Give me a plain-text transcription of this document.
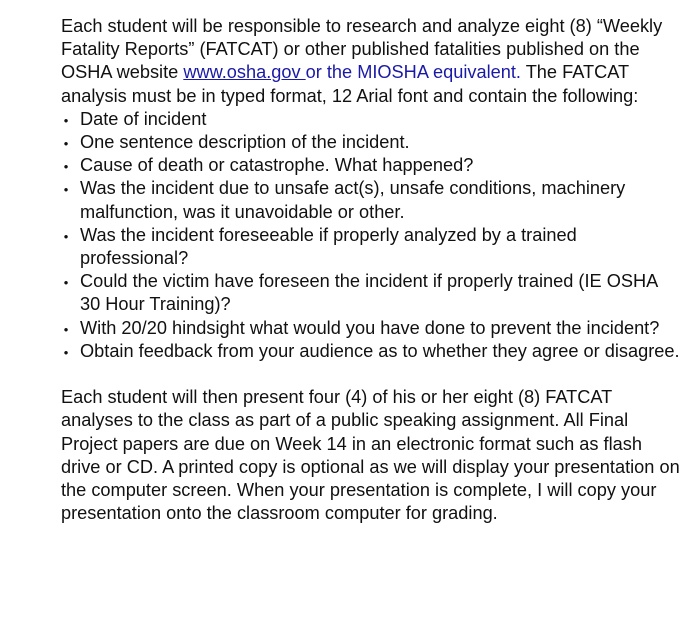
Each student will be responsible to research and analyze eight (8) “Weekly Fatality Reports” (FATCAT) or other published fatalities published on the OSHA website www.osha.gov or the MIOSHA equivalent. The FATCAT analysis must be in typed format, 12 Arial font and contain the following:

•
Date of incident
•
One sentence description of the incident.
•
Cause of death or catastrophe. What happened?
•
Was the incident due to unsafe act(s), unsafe conditions, machinery malfunction, was it unavoidable or other.
•
Was the incident foreseeable if properly analyzed by a trained professional?
•
Could the victim have foreseen the incident if properly trained (IE OSHA 30 Hour Training)?
•
With 20/20 hindsight what would you have done to prevent the incident?
•
Obtain feedback from your audience as to whether they agree or disagree.

Each student will then present four (4) of his or her eight (8) FATCAT analyses to the class as part of a public speaking assignment. All Final Project papers are due on Week 14 in an electronic format such as flash drive or CD. A printed copy is optional as we will display your presentation on the computer screen. When your presentation is complete, I will copy your presentation onto the classroom computer for grading.
